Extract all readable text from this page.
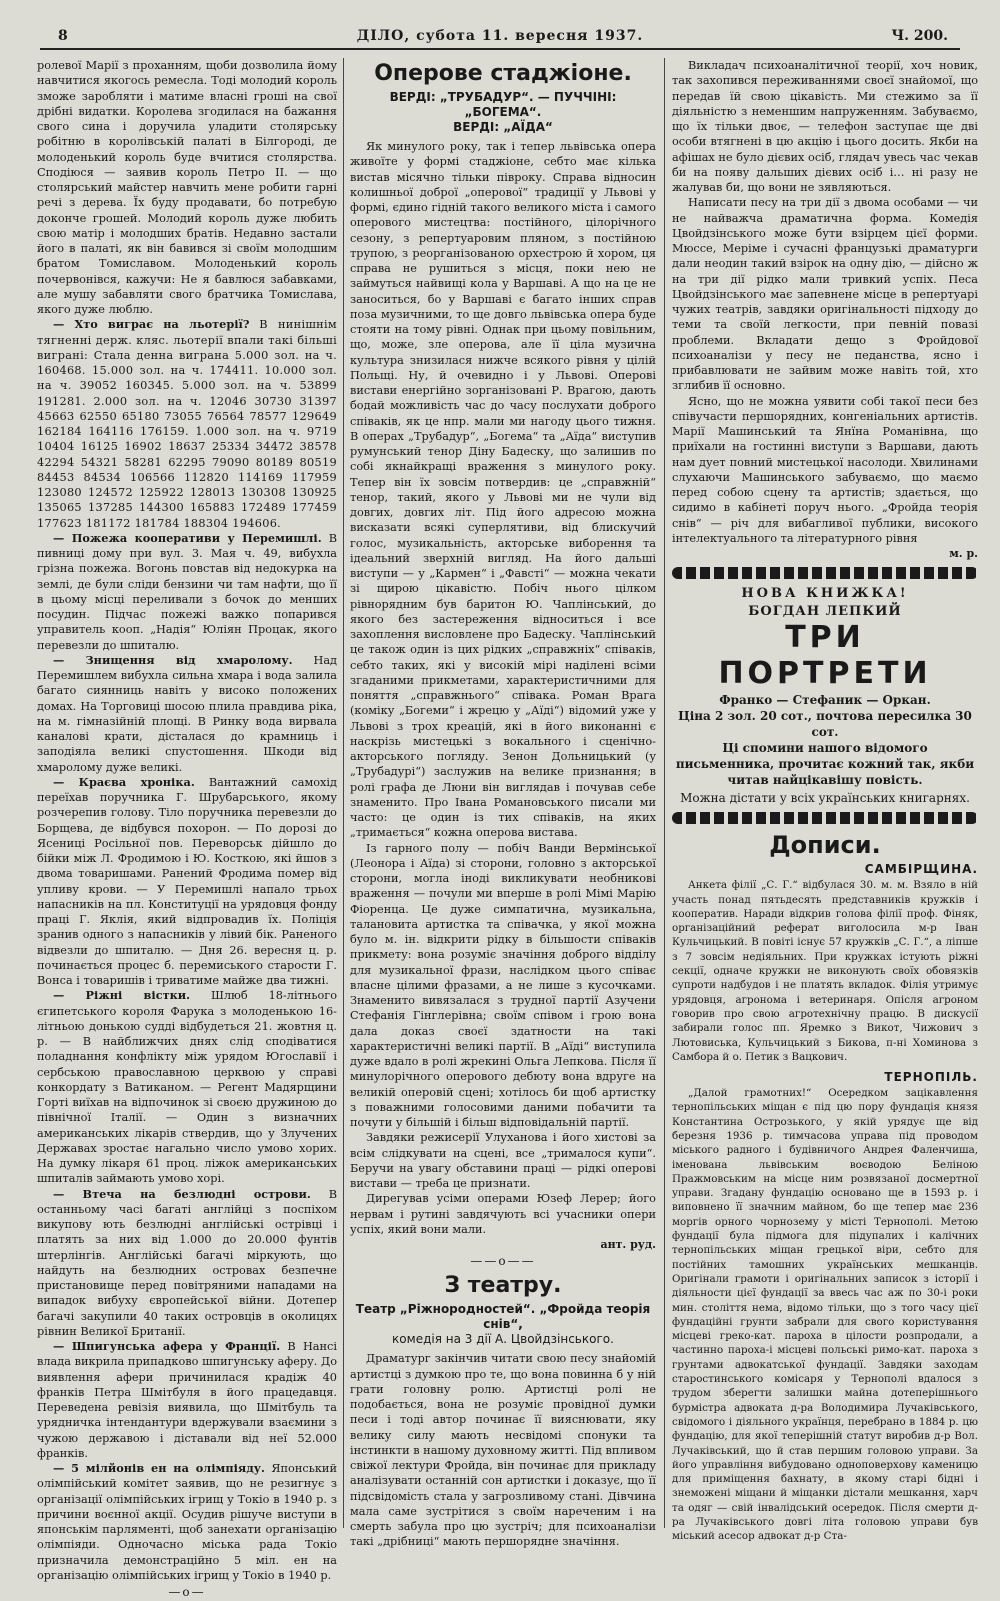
8	ДІЛО, субота 11. вересня 1937.	Ч. 200.

ролевої Марії з проханням, щоби дозволила йому навчитися якогось ремесла. Тоді молодий король зможе заробляти і матиме власні гроші на свої дрібні видатки. Королева згодилася на бажання свого сина і доручила уладити столярську робітню в королівській палаті в Білгороді, де молоденький король буде вчитися столярства. Сподіюся — заявив король Петро ІІ. — що столярський майстер навчить мене робити гарні речі з дерева. Їх буду продавати, бо потребую доконче грошей. Молодий король дуже любить свою матір і молодших братів. Недавно застали його в палаті, як він бавився зі своїм молодшим братом Томиславом. Молоденький король почервонівся, кажучи: Не я бавлюся забавками, але мушу забавляти свого братчика Томислава, якого дуже люблю.

— Хто виграє на льотерії? В нинішнім тягненні держ. кляс. льотерії впали такі більші виграні: Стала денна виграна 5.000 зол. на ч. 160468. 15.000 зол. на ч. 174411. 10.000 зол. на ч. 39052 160345. 5.000 зол. на ч. 53899 191281. 2.000 зол. на ч. 12046 30730 31397 45663 62550 65180 73055 76564 78577 129649 162184 164116 176159. 1.000 зол. на ч. 9719 10404 16125 16902 18637 25334 34472 38578 42294 54321 58281 62295 79090 80189 80519 84453 84534 106566 112820 114169 117959 123080 124572 125922 128013 130308 130925 135065 137285 144300 165883 172489 177459 177623 181172 181784 188304 194606.

— Пожежа кооперативи у Перемишлі. В пивниці дому при вул. 3. Мая ч. 49, вибухла грізна пожежа. Вогонь повстав від недокурка на землі, де були сліди бензини чи там нафти, що її в цьому місці переливали з бочок до менших посудин. Підчас пожежі важко попарився управитель кооп. „Надія“ Юліян Процак, якого перевезли до шпиталю.

— Знищення від хмаролому. Над Перемишлем вибухла сильна хмара і вода залила багато сиянниць навіть у високо положених домах. На Торговиці шосою плила правдива ріка, на м. гімназійній площі. В Ринку вода вирвала каналові крати, дісталася до крамниць і заподіяла великі спустошення. Шкоди від хмаролому дуже великі.

— Краєва хроніка. Вантажний самохід переїхав поручника Г. Шрубарського, якому розчерепив голову. Тіло поручника перевезли до Борщева, де відбувся похорон. — По дорозі до Ясениці Росільної пов. Переворськ дійшло до бійки між Л. Фродимою і Ю. Косткою, які йшов з двома товаришами. Ранений Фродима помер від упливу крови. — У Перемишлі напало трьох напасників на пл. Конституції на урядовця фонду праці Г. Яклія, який відпровадив їх. Поліція зранив одного з напасників у лівий бік. Раненого відвезли до шпиталю. — Дня 26. вересня ц. р. починається процес б. перемиського старости Г. Вонса і товаришів і триватиме майже два тижні.

— Ріжні вістки. Шлюб 18-літнього єгипетського короля Фарука з молоденькою 16-літньою донькою судді відбудеться 21. жовтня ц. р. — В найближчих днях слід сподіватися поладнання конфлікту між урядом Югославії і сербською православною церквою у справі конкордату з Ватиканом. — Регент Мадярщини Горті виїхав на відпочинок зі своєю дружиною до північної Італії. — Один з визначних американських лікарів ствердив, що у Злучених Державах зростає нагально число умово хорих. На думку лікаря 61 проц. ліжок американських шпиталів займають умово хорі.

— Втеча на безлюдні острови. В останньому часі багаті англійці з поспіхом викупову ють безлюдні англійські острівці і платять за них від 1.000 до 20.000 фунтів штерлінгів. Англійські багачі міркують, що найдуть на безлюдних островах безпечне пристановище перед повітряними нападами на випадок вибуху європейської війни. Дотепер багачі закупили 40 таких островців в околицях рівнин Великої Британії.

— Шпигунська афера у Франції. В Нансі влада викрила припадково шпигунську аферу. До виявлення афери причинилася крадіж 40 франків Петра Шмітбуля в його працедавця. Переведена ревізія виявила, що Шмітбуль та урядничка інтендантури вдержували взаємини з чужою державою і діставали від неї 52.000 франків.

— 5 мілйонів ен на олімпіяду. Японський олімпійський комітет заявив, що не резигнує з організації олімпійських ігрищ у Токіо в 1940 р. з причини воєнної акції. Осудив рішуче виступи в японськім парляменті, щоб занехати організацію олімпіяди. Одночасно міська рада Токіо призначила демонстраційно 5 міл. ен на організацію олімпійських ігрищ у Токіо в 1940 р.

—о—
Оперове стаджіоне.
ВЕРДІ: „ТРУБАДУР“. — ПУЧЧІНІ: „БОГЕМА“.
ВЕРДІ: „АЇДА“

Як минулого року, так і тепер львівська опера живоїте у формі стаджіоне, себто має кілька вистав місячно тільки півроку. Справа відносин колишньої доброї „оперової“ традиції у Львові у формі, єдино гідній такого великого міста і самого оперового мистецтва: постійного, цілорічного сезону, з репертуаровим пляном, з постійною трупою, з реорганізованою орхестрою й хором, ця справа не рушиться з місця, поки нею не займуться найвищі кола у Варшаві. А що на це не заноситься, бо у Варшаві є багато інших справ поза музичними, то ще довго львівська опера буде стояти на тому рівні. Однак при цьому повільним, що, може, зле оперова, але її ціла музична культура знизилася нижче всякого рівня у цілій Польщі. Ну, й очевидно і у Львові. Оперові вистави енергійно зорганізовані Р. Врагою, дають бодай можливість час до часу послухати доброго співаків, як це нпр. мали ми нагоду цього тижня. В операх „Трубадур“, „Богема“ та „Аїда“ виступив румунський тенор Діну Бадеску, що залишив по собі якнайкращі враження з минулого року. Тепер він їх зовсім потвердив: це „справжній“ тенор, такий, якого у Львові ми не чули від довгих, довгих літ. Під його адресою можна висказати всякі суперлятиви, від блискучий голос, музикальність, акторське виборення та ідеальний зверхній вигляд. На його дальші виступи — у „Кармен“ і „Фавсті“ — можна чекати зі щирою цікавістю. Побіч нього цілком рівнорядним був баритон Ю. Чаплінський, до якого без застереження відноситься і все захоплення висловлене про Бадеску. Чаплінський це також один із цих рідких „справжніх“ співаків, себто таких, які у високій мірі наділені всіми згаданими прикметами, характеристичними для поняття „справжнього“ співака. Роман Врага (коміку „Богеми“ і жрецю у „Аїді“) відомий уже у Львові з трох креацій, які в його виконанні є наскрізь мистецькі з вокального і сценічно-акторського погляду. Зенон Дольницький (у „Трубадурі“) заслужив на велике признання; в ролі графа де Люни він виглядав і почував себе знаменито. Про Івана Романовського писали ми часто: це один із тих співаків, на яких „тримається“ кожна оперова вистава.

Із гарного полу — побіч Ванди Вермінської (Леонора і Аїда) зі сторони, головно з акторської сторони, могла іноді викликувати необникові враження — почули ми вперше в ролі Мімі Марію Фіоренца. Це дуже симпатична, музикальна, талановита артистка та співачка, у якої можна було м. ін. відкрити рідку в більшости співаків прикмету: вона розуміє значіння доброго відділу для музикальної фрази, наслідком цього співає власне цілими фразами, а не лише з кусочками. Знаменито вивязалася з трудної партії Азучени Стефанія Гінглерівна; своїм співом і грою вона дала доказ своєї здатности на такі характеристичні великі партії. В „Аїді“ виступила дуже вдало в ролі жрекині Ольга Лепкова. Після її минулорічного оперового дебюту вона вдруге на великій оперовій сцені; хотілось би щоб артистку з поважними голосовими даними побачити та почути у більшій і більш відповідальній партії.

Завдяки режисерії Улуханова і його хистові за всім слідкувати на сцені, все „трималося купи“. Беручи на увагу обставини праці — рідкі оперові вистави — треба це признати.

Дирегував усіми операми Юзеф Лерер; його нервам і рутині завдячують всі учасники опери успіх, який вони мали.

ант. руд.
——о——
З театру.
Театр „Ріжнородностей“. „Фройда теорія снів“,
комедія на 3 дії А. Цвойдзінського.

Драматург закінчив читати свою песу знайомій артистці з думкою про те, що вона повинна б у ній грати головну ролю. Артистці ролі не подобається, вона не розуміє провідної думки песи і тоді автор починає її вияснювати, яку велику силу мають несвідомі спонуки та інстинкти в нашому духовному житті. Під впливом свіжої лектури Фройда, він починає для прикладу аналізувати останній сон артистки і доказує, що її підсвідомість стала у загрозливому стані. Дівчина мала саме зустрітися з своїм нареченим і на смерть забула про цю зустріч; для психоаналізи такі „дрібниці“ мають першорядне значіння.

Викладач психоаналітичної теорії, хоч новик, так захопився переживаннями своєї знайомої, що передав їй свою цікавість. Ми стежимо за її діяльністю з неменшим напруженням. Забуваємо, що їх тільки двоє, — телефон заступає ще дві особи втягнені в цю акцію і цього досить. Якби на афішах не було дієвих осіб, глядач увесь час чекав би на появу дальших дієвих осіб і… ні разу не жалував би, що вони не зявляються.

Написати песу на три дії з двома особами — чи не найважча драматична форма. Комедія Цвойдзінського може бути взірцем цієї форми. Мюссе, Меріме і сучасні французькі драматурги дали неодин такий взірок на одну дію, — дійсно ж на три дії рідко мали тривкий успіх. Песа Цвойдзінського має запевнене місце в репертуарі чужих театрів, завдяки оригінальності підходу до теми та своїй легкости, при певній повазі проблеми. Вкладати дещо з Фройдової психоаналізи у песу не педанства, ясно і прибавлювати не зайвим може навіть той, хто зглибив її основно.

Ясно, що не можна уявити собі такої песи без співучасти першорядних, конгеніальних артистів. Марії Машинський та Янїна Романівна, що приїхали на гостинні виступи з Варшави, дають нам дует повний мистецької насолоди. Хвилинами слухаючи Машинського забуваємо, що маємо перед собою сцену та артистів; здається, що сидимо в кабінеті поруч нього. „Фройда теорія снів“ — річ для вибагливої публики, високого інтелектуального та літературного рівня

м. р.
НОВА КНИЖКА!
БОГДАН ЛЕПКИЙ
ТРИ ПОРТРЕТИ
Франко — Стефаник — Оркан.
Ціна 2 зол. 20 сот., почтова пересилка 30 сот.
Ці спомини нашого відомого письменника, прочитає кожний так, якби читав найцікавішу повість.
Можна дістати у всіх українських книгарнях.
Дописи.
САМБІРЩИНА.

Анкета філії „С. Г.“ відбулася 30. м. м. Взяло в ній участь понад пятьдесять представників кружків і кооператив. Наради відкрив голова філії проф. Фіняк, організаційний реферат виголосила м-р Іван Кульчицький. В повіті існує 57 кружків „С. Г.“, а ліпше з 7 зовсім недіяльних. При кружках істують ріжні секції, одначе кружки не виконують своїх обовязків супроти надбудов і не платять вкладок. Філія утримує урядовця, агронома і ветеринаря. Опісля агроном говорив про свою агротехнічну працю. В дискусії забирали голос пп. Яремко з Викот, Чижович з Лютовиська, Кульчицький з Бикова, п-ні Хоминова з Самбора й о. Петик з Вацкович.

ТЕРНОПІЛЬ.

„Далой грамотних!“ Осередком зацікавлення тернопільських міщан є під цю пору фундація князя Константина Острозького, у якій урядує ще від березня 1936 р. тимчасова управа під проводом міського радного і будівничого Андрея Фаленчишa, іменована львівським воєводою Беліною Пражмовським на місце ним розвязаної досмертної управи. Згадану фундацію основано ще в 1593 р. і виповнено її значним майном, бо ще тепер має 236 моргів орного чорнозему у місті Тернополі. Метою фундації була підмога для підупалих і калічних тернопільських міщан грецької віри, себто для постійних тамошних українських мешканців. Оригінали грамоти і оригінальних записок з історії і діяльности цієї фундації за ввесь час аж по 30-і роки мин. століття нема, відомо тільки, що з того часу цієї фундаційні грунти забрали для свого користування місцеві греко-кат. пароха в цілости розпродали, а частинно пароха-і місцеві польські римо-кат. пароха з грунтами адвокатської фундації. Завдяки заходам старостинського комісаря у Тернополі вдалося з трудом зберегти залишки майна дотеперішнього бурмістра адвоката д-ра Володимира Лучаківського, свідомого і діяльного українця, перебрано в 1884 р. цю фундацію, для якої теперішній статут виробив д-р Вол. Лучаківський, що й став першим головою управи. За його управління вибудовано одноповерхову каменицю для приміщення бахнату, в якому старі бідні і знеможені міщани й міщанки дістали мешкання, харч та одяг — свій інвалідський осередок. Після смерти д-ра Лучаківського довгі літа головою управи був міський асесор адвокат д-р Ста-
